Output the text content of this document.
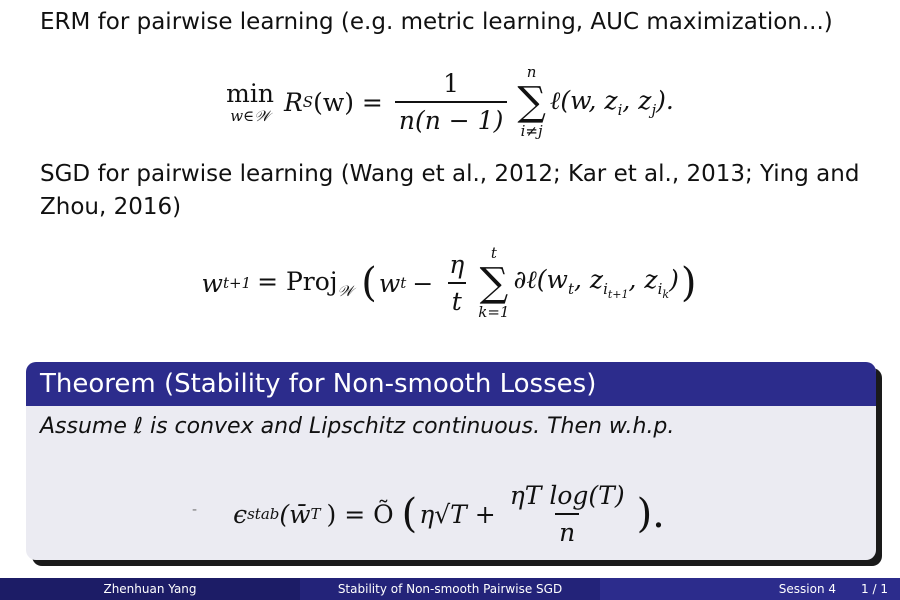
ERM for pairwise learning (e.g. metric learning, AUC maximization...)
min
w∈𝒲 R S $(w) = \frac{1}{n(n - 1)}$ n
∑
i≠j
ℓ(w, $z_i$, $z_j$).
SGD for pairwise learning (Wang et al., 2012; Kar et al., 2013; Ying and Zhou, 2016)
w t+1 = Proj$_𝒲$ ( w $t - \frac{\eta}{t}$ t
∑
k=1
$\partial\ell(w_t$, $z_{i_{t+1}}$, $z_{i_k}$) )
Theorem (Stability for Non-smooth Losses)
Assume ℓ is convex and Lipschitz continuous. Then w.h.p.
- ϵ stab (w̄ T ) = Õ ( $\eta√T + \frac{\text{ηT log(T)}}{n}$ ).
Zhenhuan Yang	Stability of Non-smooth Pairwise SGD	Session 4 1 / 1
